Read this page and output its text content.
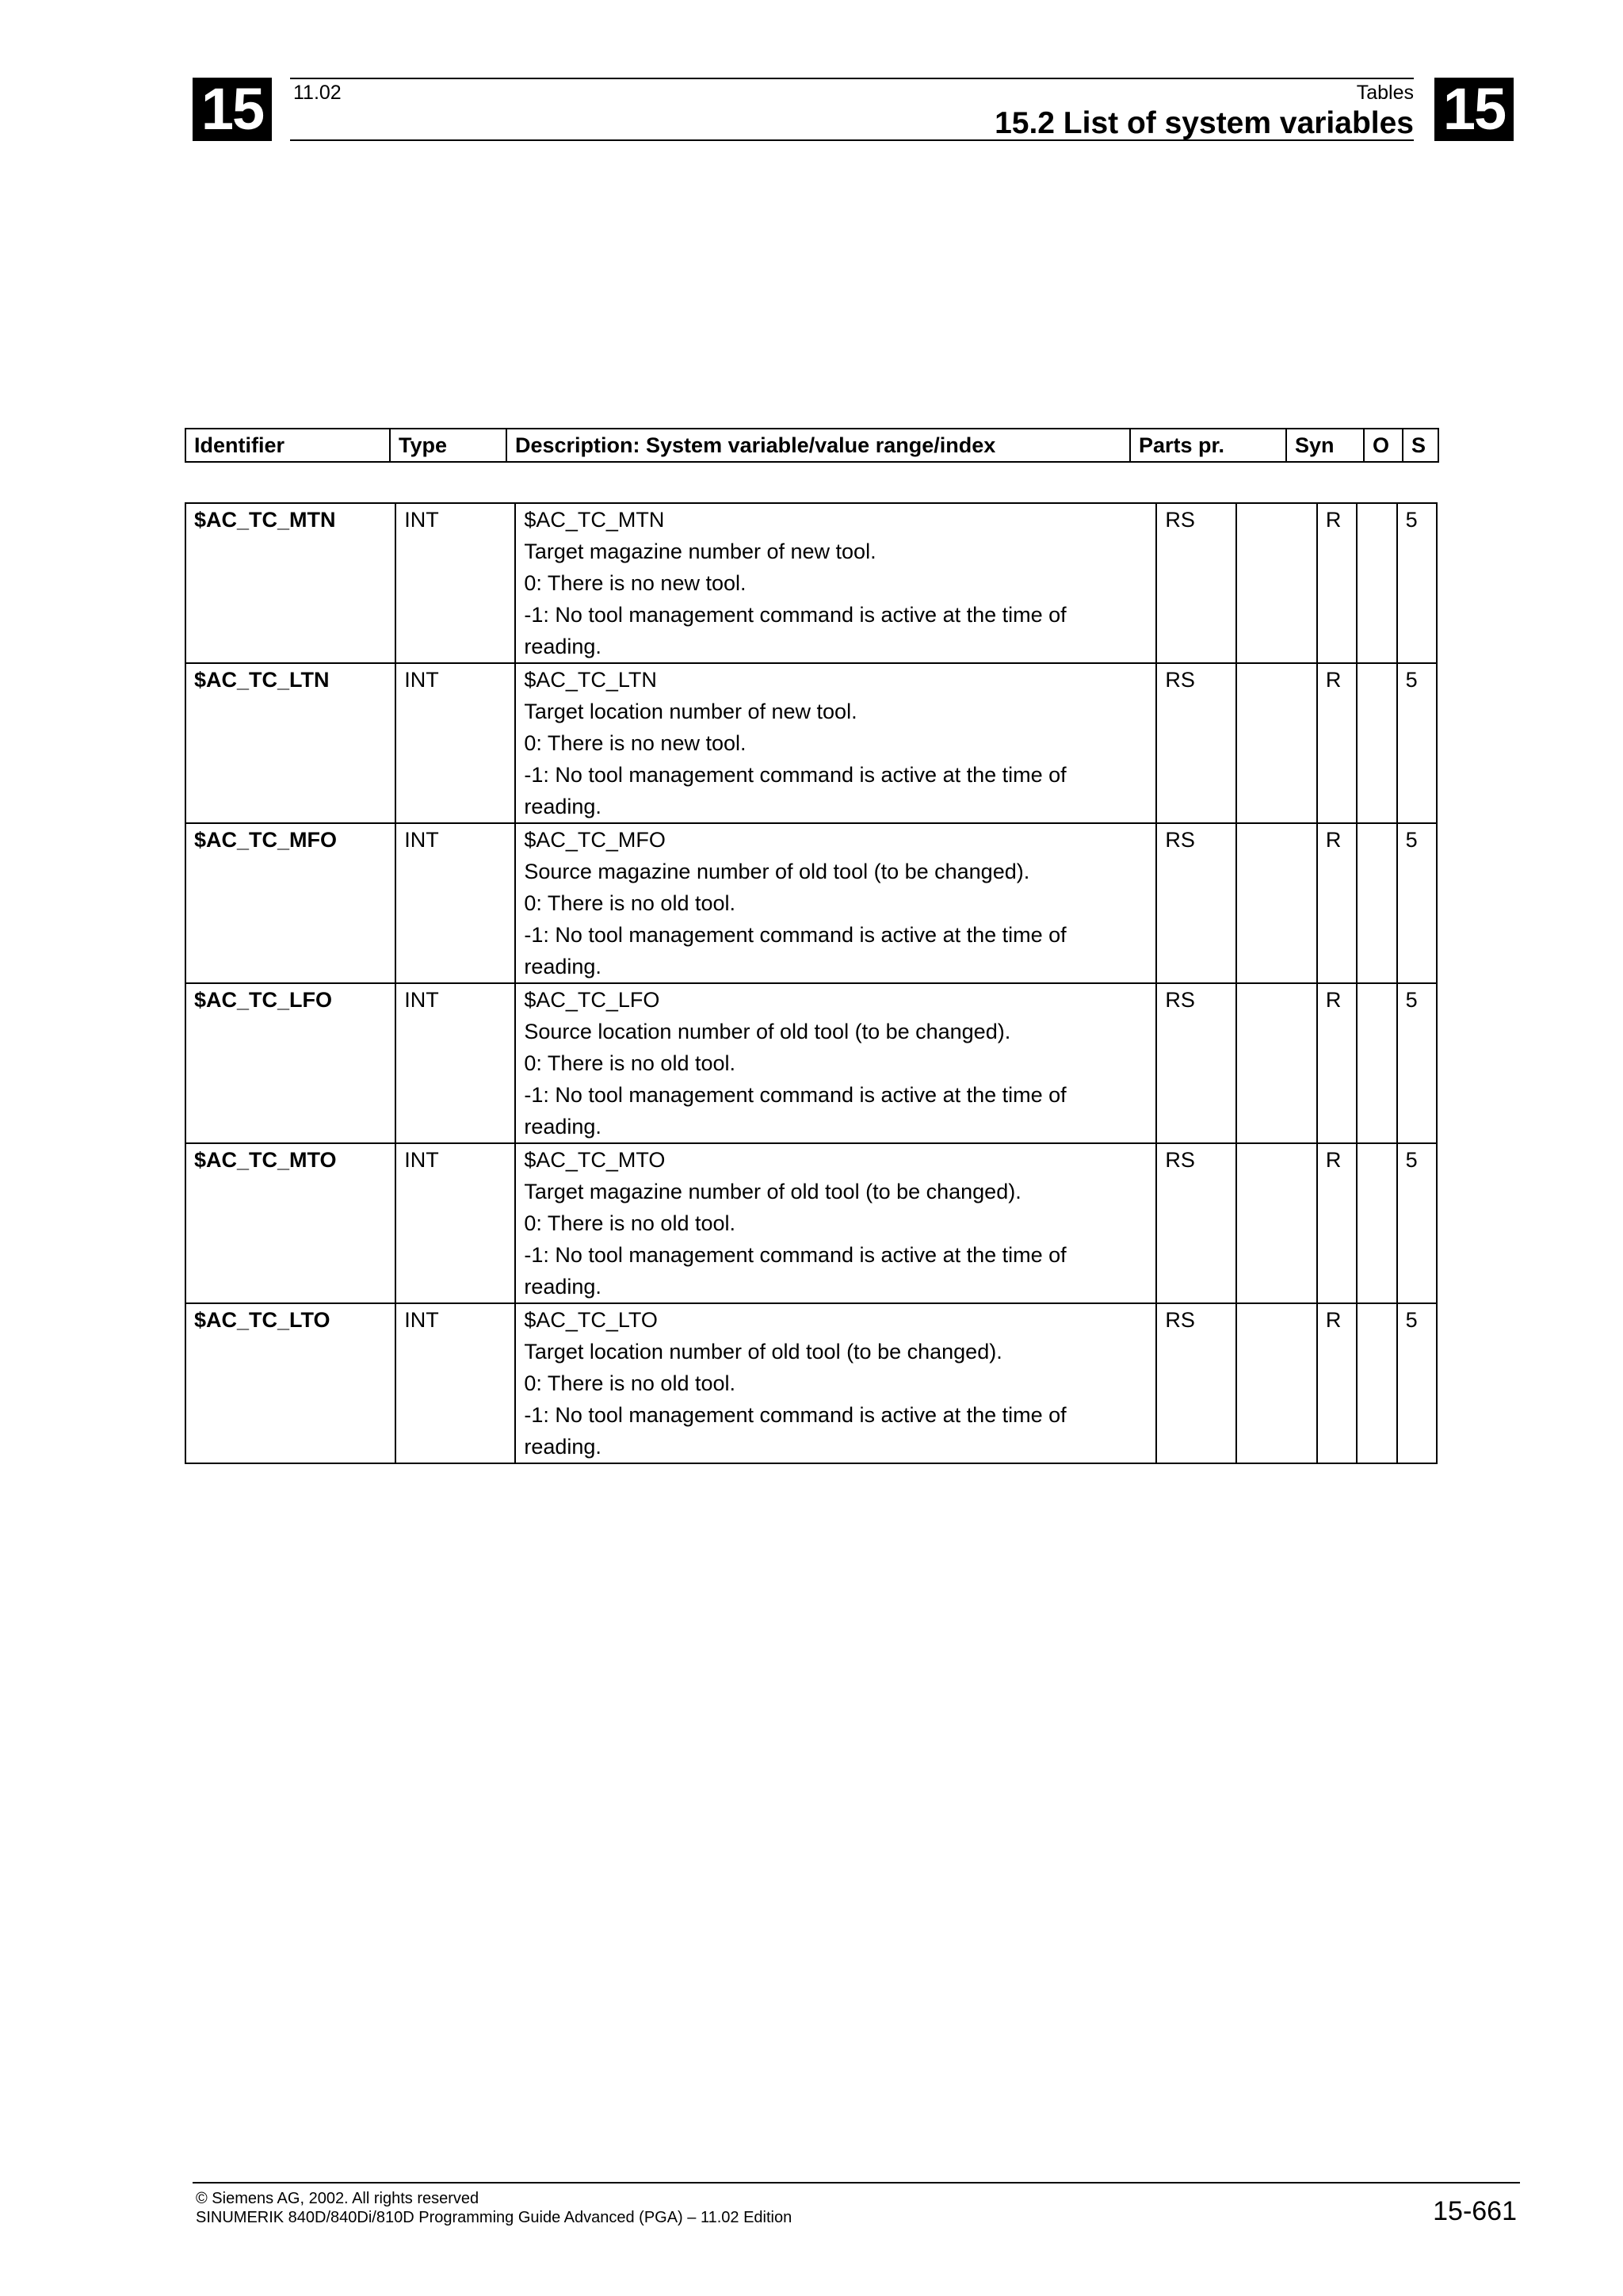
15	11.02	Tables
15.2 List of system variables 15
Identifier	Type	Description: System variable/value range/index	Parts pr.	Syn	O	S
$AC_TC_MTN	INT	$AC_TC_MTN
Target magazine number of new tool.
0: There is no new tool.
-1: No tool management command is active at the time of reading.	RS		R		5
$AC_TC_LTN	INT	$AC_TC_LTN
Target location number of new tool.
0: There is no new tool.
-1: No tool management command is active at the time of reading.	RS		R		5
$AC_TC_MFO	INT	$AC_TC_MFO
Source magazine number of old tool (to be changed).
0: There is no old tool.
-1: No tool management command is active at the time of reading.	RS		R		5
$AC_TC_LFO	INT	$AC_TC_LFO
Source location number of old tool (to be changed).
0: There is no old tool.
-1: No tool management command is active at the time of reading.	RS		R		5
$AC_TC_MTO	INT	$AC_TC_MTO
Target magazine number of old tool (to be changed).
0: There is no old tool.
-1: No tool management command is active at the time of reading.	RS		R		5
$AC_TC_LTO	INT	$AC_TC_LTO
Target location number of old tool (to be changed).
0: There is no old tool.
-1: No tool management command is active at the time of reading.	RS		R		5
© Siemens AG, 2002. All rights reserved
SINUMERIK 840D/840Di/810D Programming Guide Advanced (PGA) – 11.02 Edition	15-661
